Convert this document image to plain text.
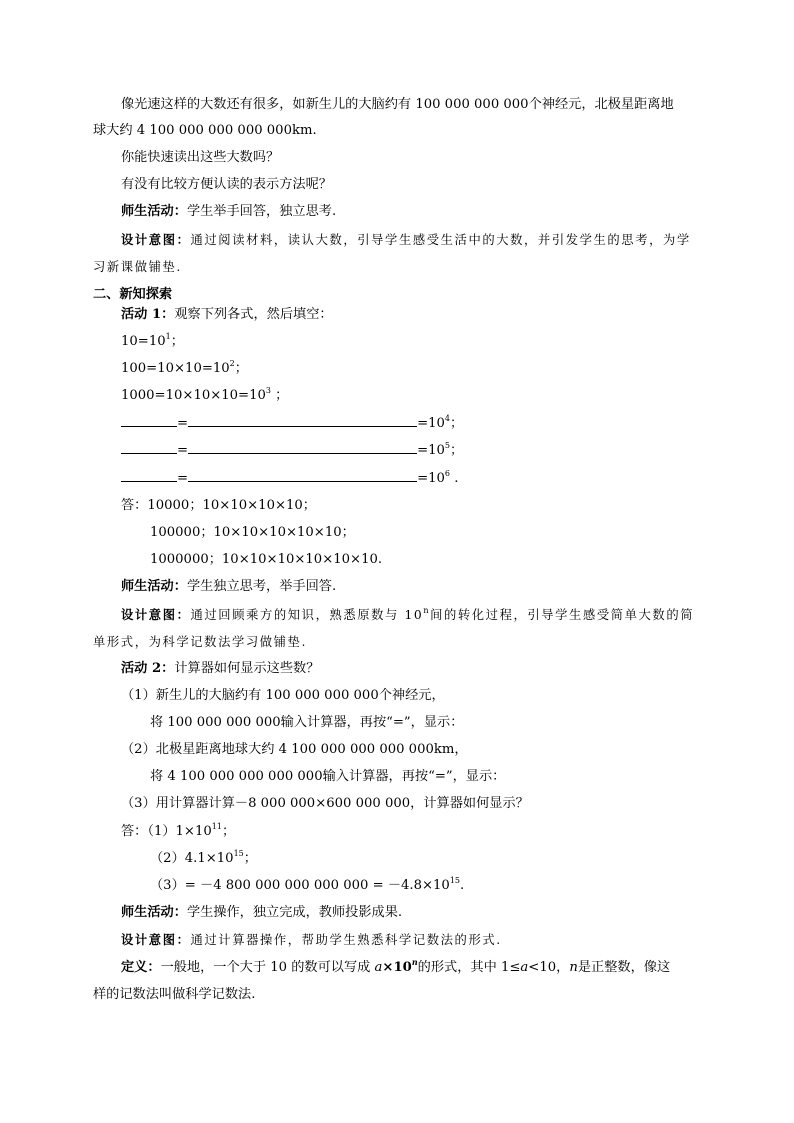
像光速这样的大数还有很多，如新生儿的大脑约有 100 000 000 000个神经元，北极星距离地
球大约 4 100 000 000 000 000km.
你能快速读出这些大数吗？
有没有比较方便认读的表示方法呢？
师生活动：学生举手回答，独立思考.
设计意图：通过阅读材料，读认大数，引导学生感受生活中的大数，并引发学生的思考，为学
习新课做铺垫.
二、新知探索
活动 1：观察下列各式，然后填空：
$10=10^1$；
$100=10\times 10=10^2$；
$1000=10\times 10\times 10=10^3$ ；
=	$=10^4$；
=	$=10^5$；
=	$=10^6$ .
答：10000；10×10×10×10；
100000；10×10×10×10×10；
1000000；10×10×10×10×10×10.
师生活动：学生独立思考，举手回答.
设计意图：通过回顾乘方的知识，熟悉原数与 10$^n$间的转化过程，引导学生感受简单大数的简
单形式，为科学记数法学习做铺垫.
活动 2：计算器如何显示这些数？
（1）新生儿的大脑约有 100 000 000 000个神经元，
将 100 000 000 000输入计算器，再按“=”，显示：
（2）北极星距离地球大约 4 100 000 000 000 000km，
将 4 100 000 000 000 000输入计算器，再按“=”，显示：
（3）用计算器计算－8 000 000×600 000 000，计算器如何显示？
答：$(1)1\times 10^{11}$；
$(2)4.1\times 10^{15}$；
（3）= －4 800 000 000 000 $000 = -4.8\times 10^{15}$.
师生活动：学生操作，独立完成，教师投影成果.
设计意图：通过计算器操作，帮助学生熟悉科学记数法的形式.
定义：一般地，一个大于 10 的数可以写成 $a\times 10^n$的形式，其中 1≤a<10，n是正整数，像这
样的记数法叫做科学记数法.
